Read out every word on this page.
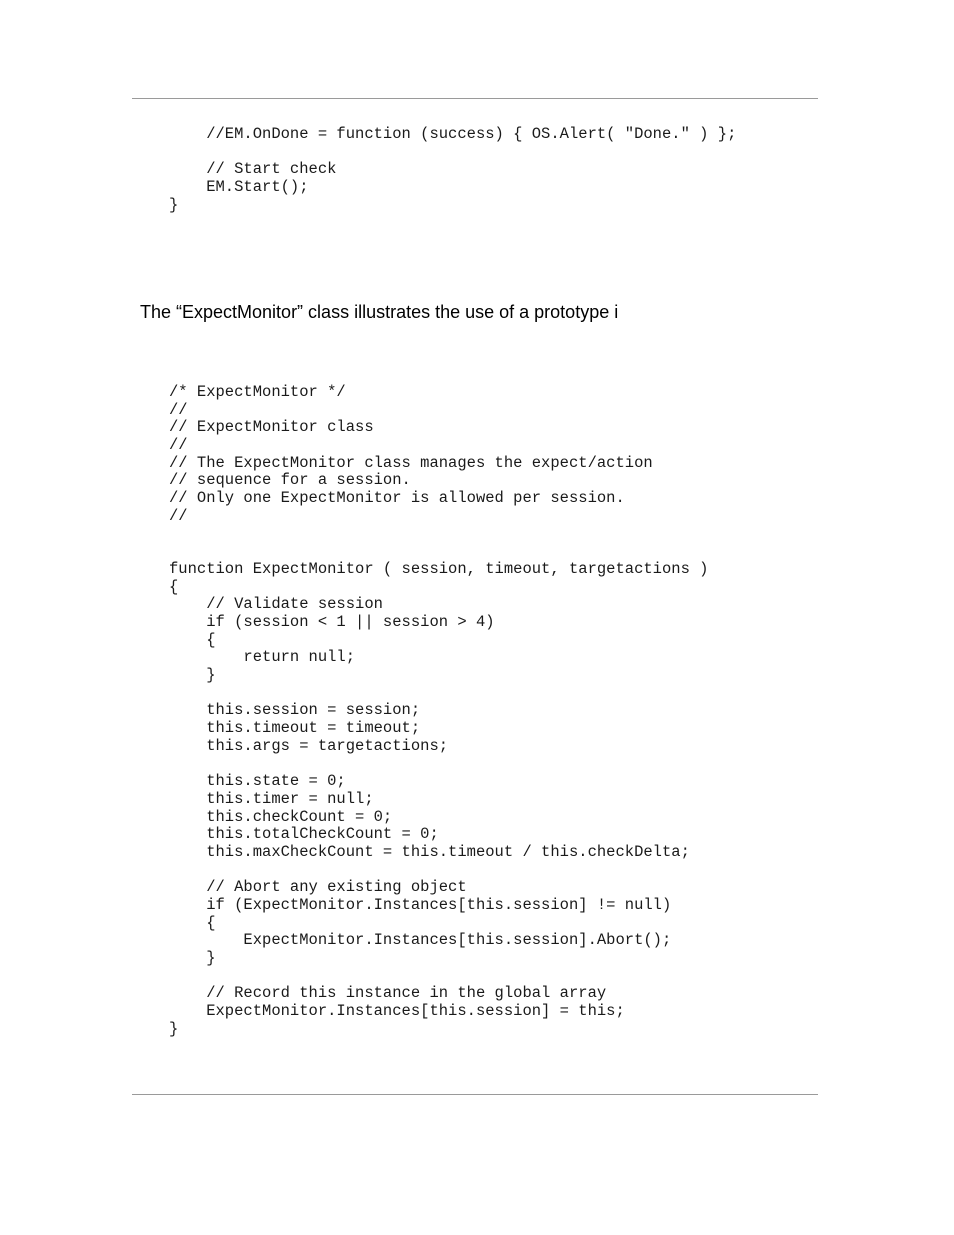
//EM.OnDone = function (success) { OS.Alert( "Done." ) };
// Start check
EM.Start();
}

The “ExpectMonitor” class illustrates the use of a prototype i

/* ExpectMonitor */
//
// ExpectMonitor class
//
// The ExpectMonitor class manages the expect/action
// sequence for a session.
// Only one ExpectMonitor is allowed per session.
//
function ExpectMonitor ( session, timeout, targetactions )
{
// Validate session
if (session < 1 || session > 4)
{
return null;
}
this.session = session;
this.timeout = timeout;
this.args = targetactions;
this.state = 0;
this.timer = null;
this.checkCount = 0;
this.totalCheckCount = 0;
this.maxCheckCount = this.timeout / this.checkDelta;
// Abort any existing object
if (ExpectMonitor.Instances[this.session] != null)
{
ExpectMonitor.Instances[this.session].Abort();
}
// Record this instance in the global array
ExpectMonitor.Instances[this.session] = this;
}
